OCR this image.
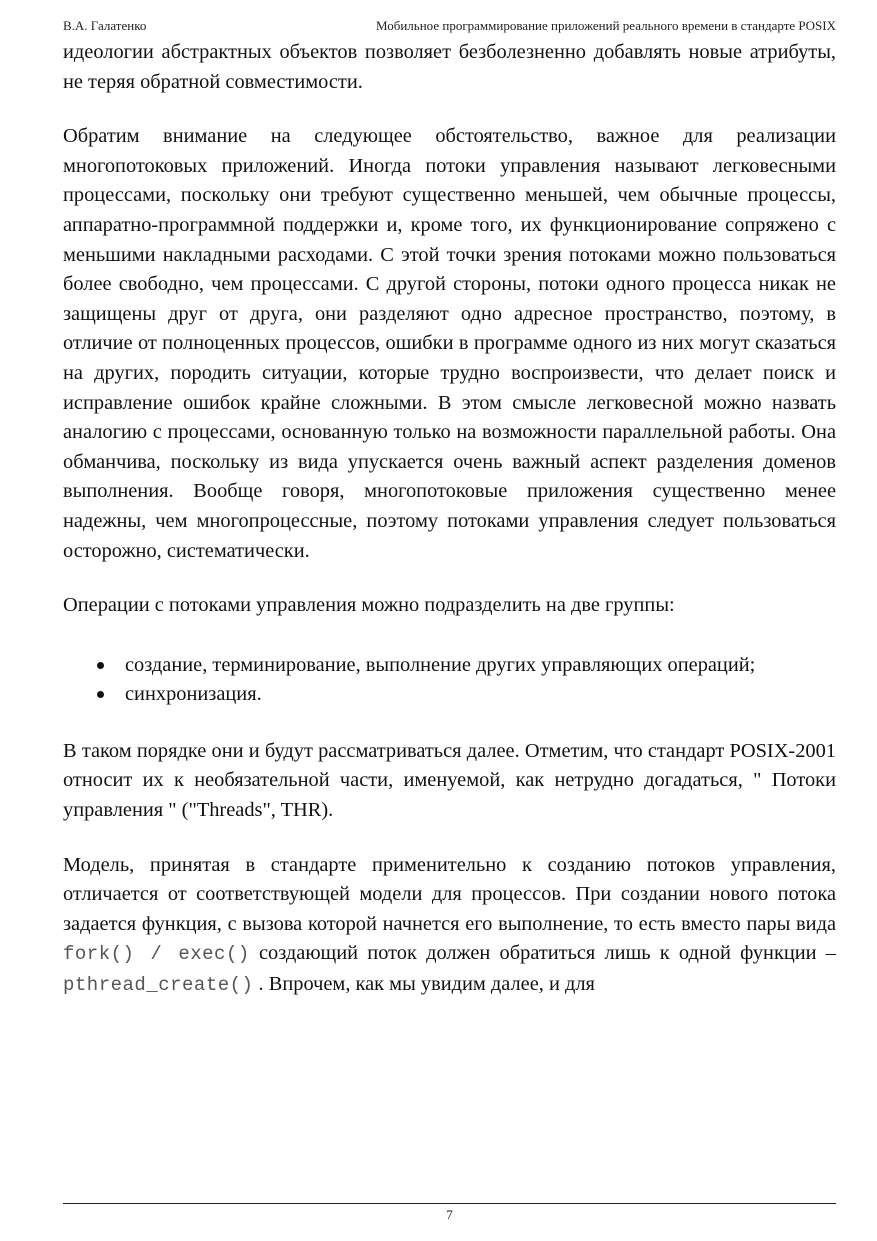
В.А. Галатенко	Мобильное программирование приложений реального времени в стандарте POSIX

идеологии абстрактных объектов позволяет безболезненно добавлять новые атрибуты, не теряя обратной совместимости.

Обратим внимание на следующее обстоятельство, важное для реализации многопотоковых приложений. Иногда потоки управления называют легковесными процессами, поскольку они требуют существенно меньшей, чем обычные процессы, аппаратно-программной поддержки и, кроме того, их функционирование сопряжено с меньшими накладными расходами. С этой точки зрения потоками можно пользоваться более свободно, чем процессами. С другой стороны, потоки одного процесса никак не защищены друг от друга, они разделяют одно адресное пространство, поэтому, в отличие от полноценных процессов, ошибки в программе одного из них могут сказаться на других, породить ситуации, которые трудно воспроизвести, что делает поиск и исправление ошибок крайне сложными. В этом смысле легковесной можно назвать аналогию с процессами, основанную только на возможности параллельной работы. Она обманчива, поскольку из вида упускается очень важный аспект разделения доменов выполнения. Вообще говоря, многопотоковые приложения существенно менее надежны, чем многопроцессные, поэтому потоками управления следует пользоваться осторожно, систематически.

Операции с потоками управления можно подразделить на две группы:

создание, терминирование, выполнение других управляющих операций;
синхронизация.

В таком порядке они и будут рассматриваться далее. Отметим, что стандарт POSIX-2001 относит их к необязательной части, именуемой, как нетрудно догадаться, " Потоки управления " ("Threads", THR).

Модель, принятая в стандарте применительно к созданию потоков управления, отличается от соответствующей модели для процессов. При создании нового потока задается функция, с вызова которой начнется его выполнение, то есть вместо пары вида fork() / exec() создающий поток должен обратиться лишь к одной функции – pthread_create() . Впрочем, как мы увидим далее, и для

7
